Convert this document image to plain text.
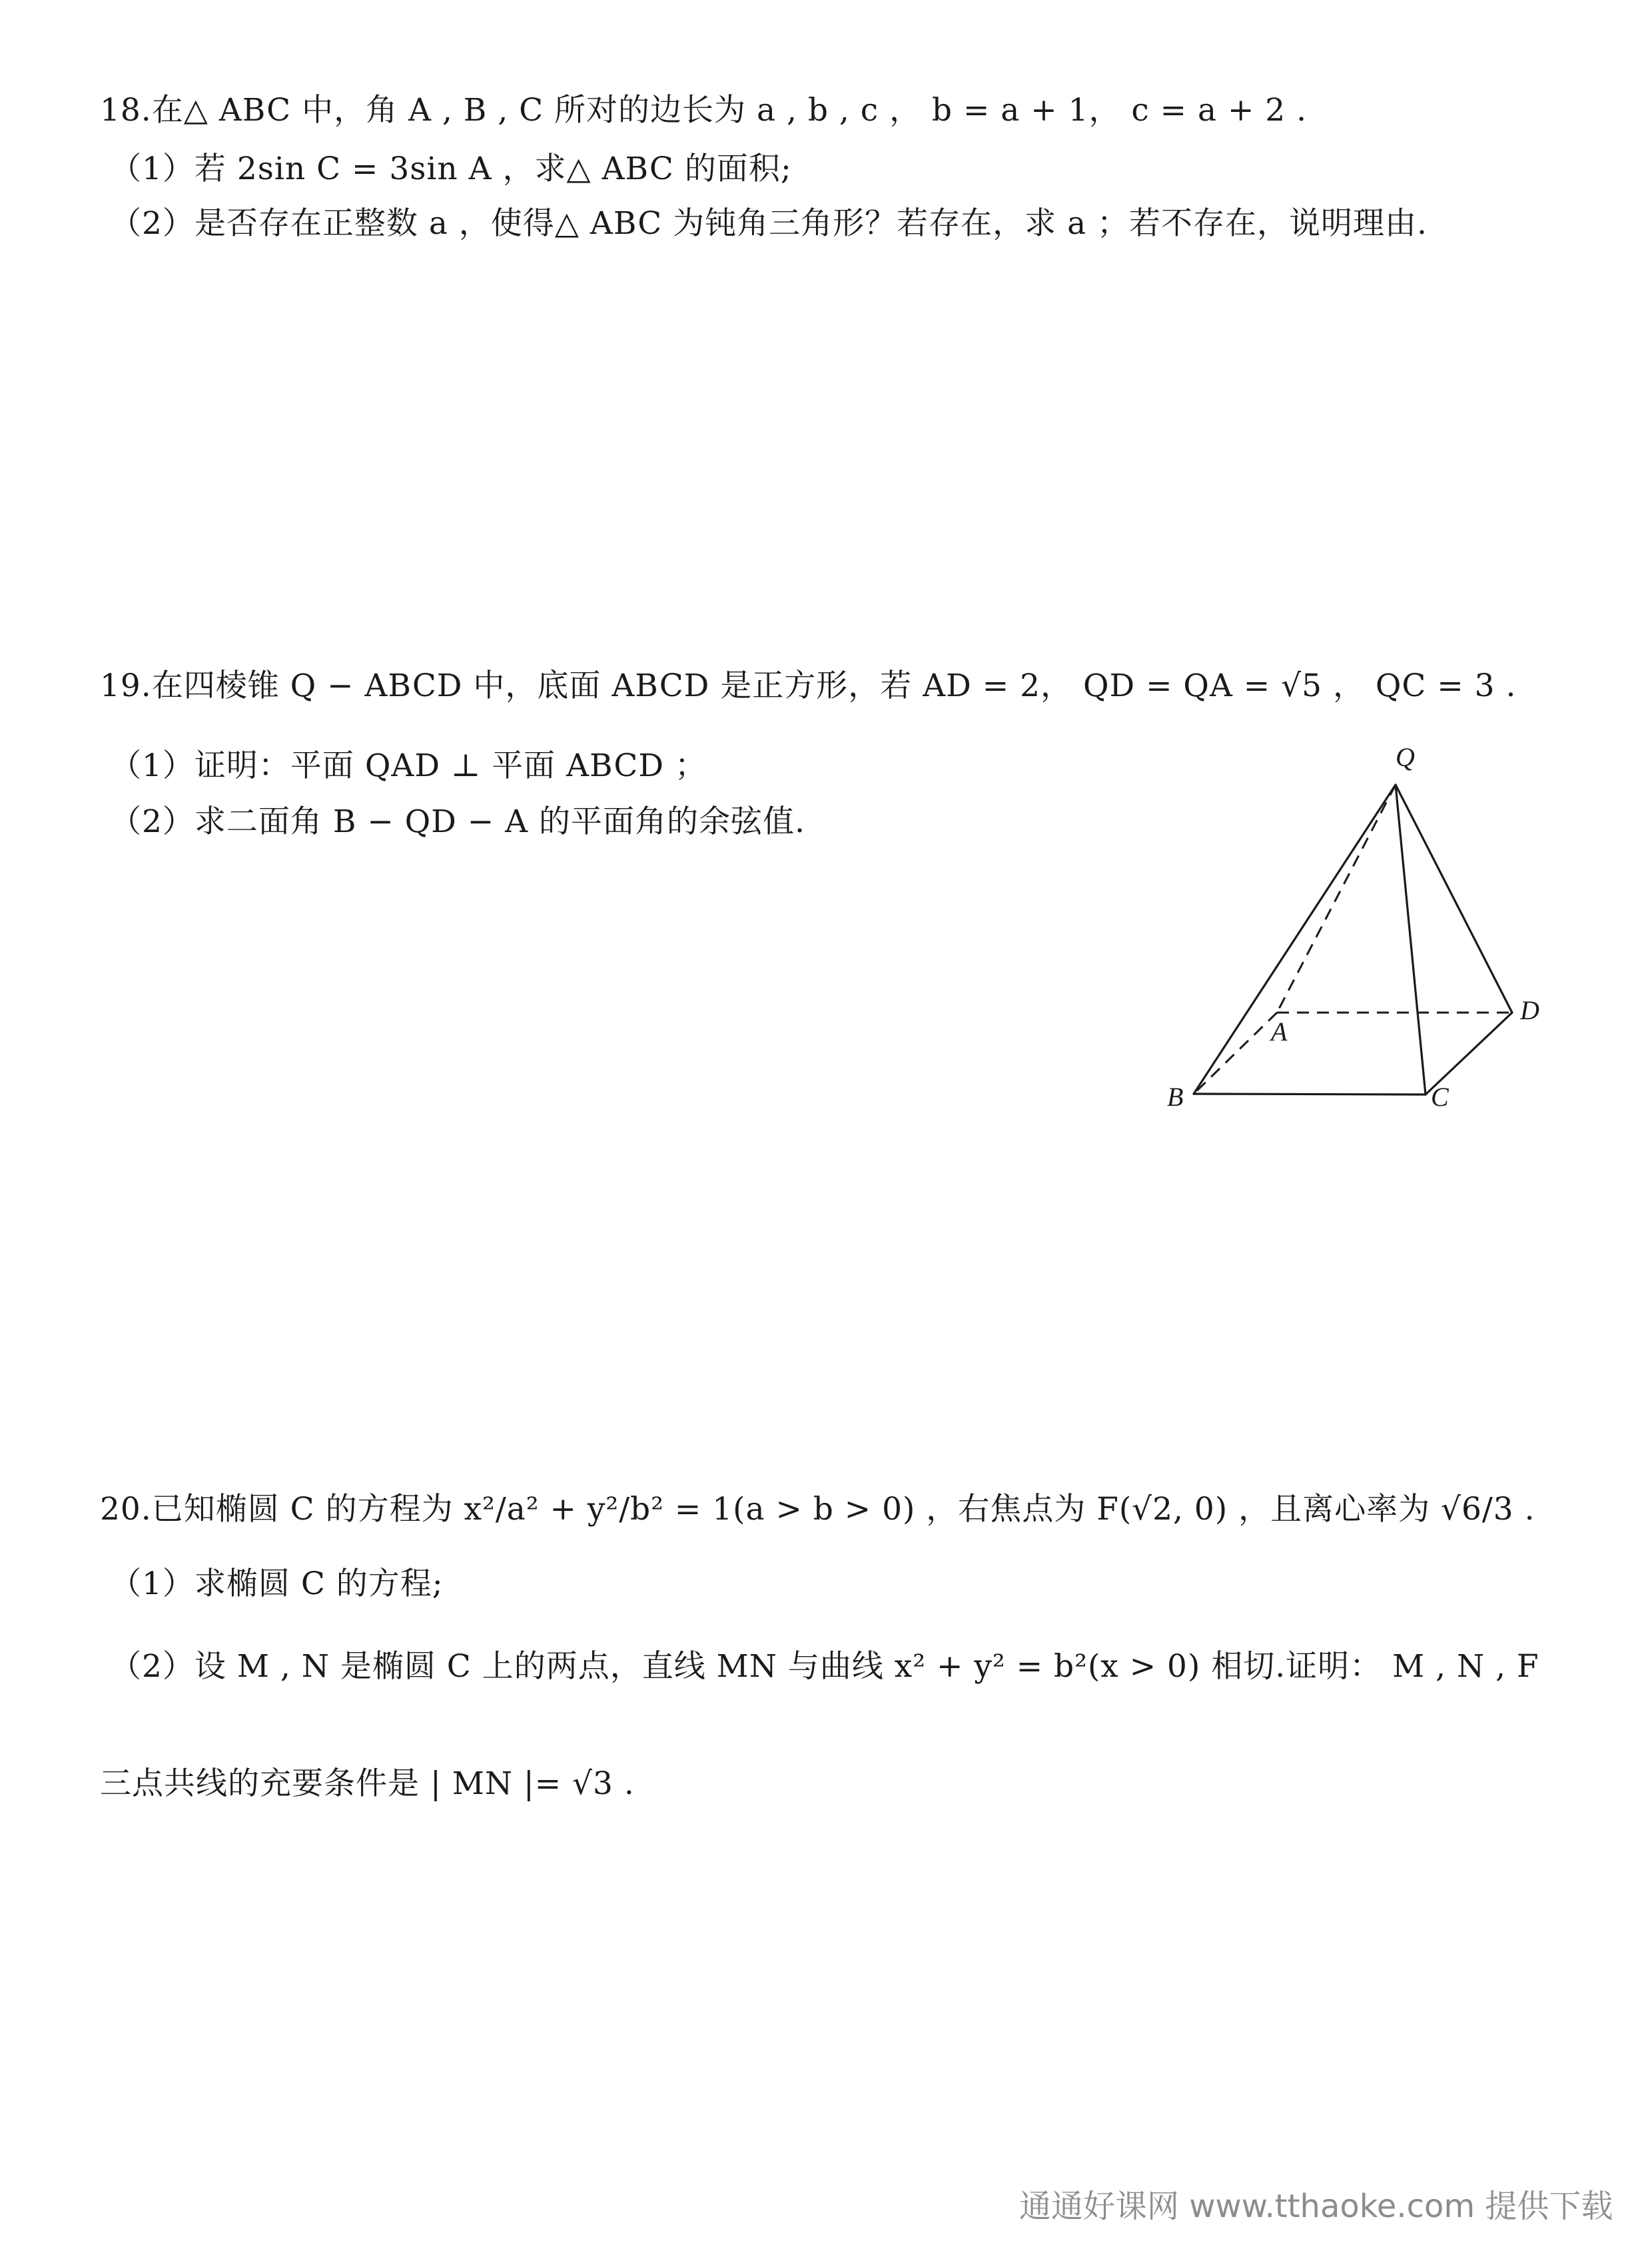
18.在△ ABC 中，角 A , B , C 所对的边长为 a , b , c ， b = a + 1， c = a + 2 .
（1）若 2sin C = 3sin A ，求△ ABC 的面积;
（2）是否存在正整数 a ，使得△ ABC 为钝角三角形？若存在，求 a ；若不存在，说明理由.
19.在四棱锥 Q − ABCD 中，底面 ABCD 是正方形，若 AD = 2， QD = QA = √5 ， QC = 3 .
（1）证明：平面 QAD ⊥ 平面 ABCD ；
（2）求二面角 B − QD − A 的平面角的余弦值.
Q
A
D
B	C
20.已知椭圆 C 的方程为 x²/a² + y²/b² = 1(a > b > 0) ，右焦点为 F(√2, 0) ，且离心率为 √6/3 .
（1）求椭圆 C 的方程;
（2）设 M , N 是椭圆 C 上的两点，直线 MN 与曲线 x² + y² = b²(x > 0) 相切.证明： M , N , F
三点共线的充要条件是 | MN |= √3 .
通通好课网 www.tthaoke.com 提供下载
